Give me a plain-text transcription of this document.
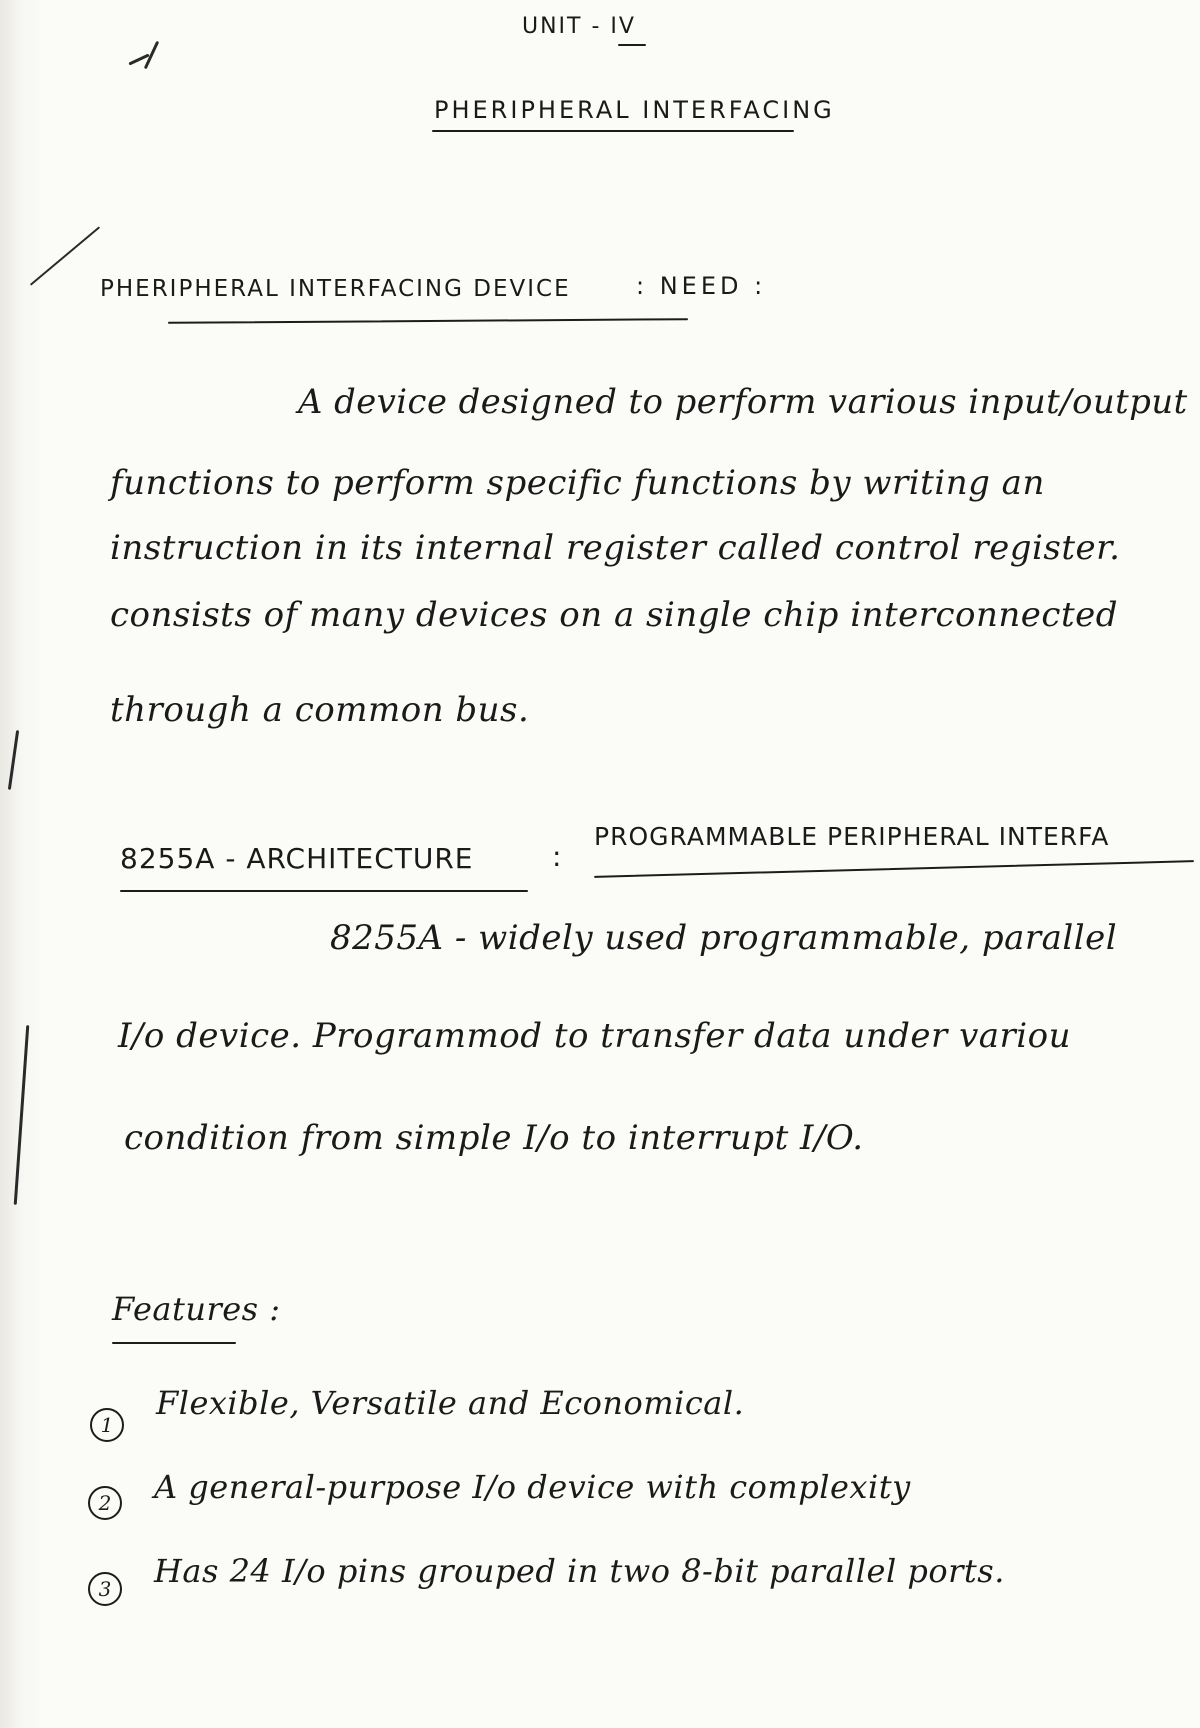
UNIT - IV
PHERIPHERAL INTERFACING
PHERIPHERAL INTERFACING DEVICE	: NEED :
A device designed to perform various input/output
functions to perform specific functions by writing an
instruction in its internal register called control register.
consists of many devices on a single chip interconnected
through a common bus.
8255A - ARCHITECTURE	:
PROGRAMMABLE PERIPHERAL INTERFA
8255A - widely used programmable, parallel
I/o device. Programmod to transfer data under variou
condition from simple I/o to interrupt I/O.
Features :
1
Flexible, Versatile and Economical.
2	A general-purpose I/o device with complexity
3	Has 24 I/o pins grouped in two 8-bit parallel ports.
